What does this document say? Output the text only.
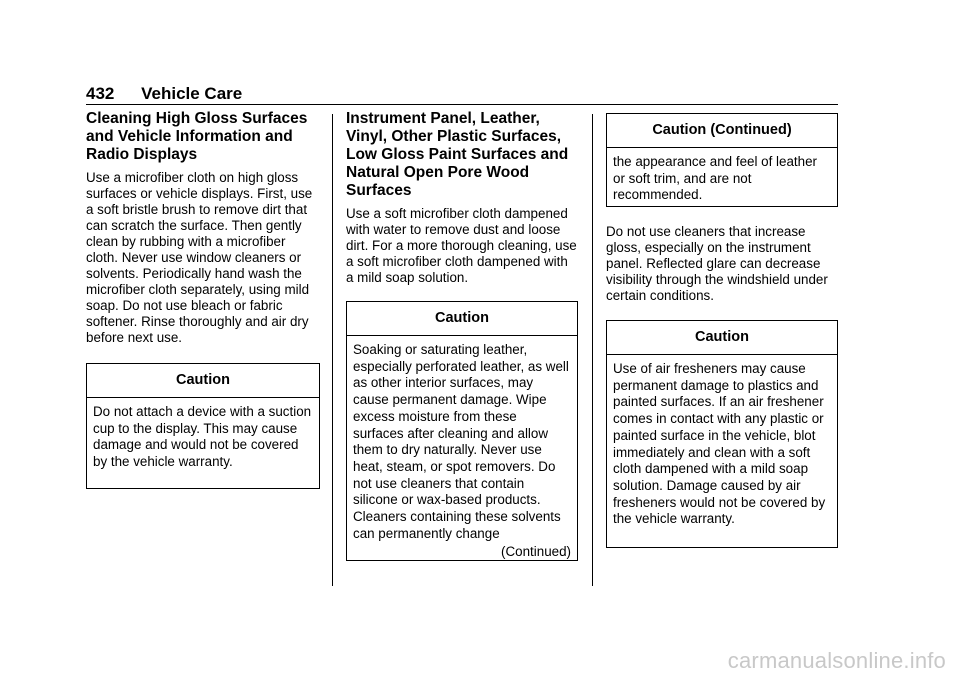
432 Vehicle Care
Cleaning High Gloss Surfaces and Vehicle Information and Radio Displays

Use a microfiber cloth on high gloss surfaces or vehicle displays. First, use a soft bristle brush to remove dirt that can scratch the surface. Then gently clean by rubbing with a microfiber cloth. Never use window cleaners or solvents. Periodically hand wash the microfiber cloth separately, using mild soap. Do not use bleach or fabric softener. Rinse thoroughly and air dry before next use.

Caution

Do not attach a device with a suction cup to the display. This may cause damage and would not be covered by the vehicle warranty.

Instrument Panel, Leather, Vinyl, Other Plastic Surfaces, Low Gloss Paint Surfaces and Natural Open Pore Wood Surfaces

Use a soft microfiber cloth dampened with water to remove dust and loose dirt. For a more thorough cleaning, use a soft microfiber cloth dampened with a mild soap solution.

Caution

Soaking or saturating leather, especially perforated leather, as well as other interior surfaces, may cause permanent damage. Wipe excess moisture from these surfaces after cleaning and allow them to dry naturally. Never use heat, steam, or spot removers. Do not use cleaners that contain silicone or wax-based products. Cleaners containing these solvents can permanently change

(Continued)
Caution (Continued)

the appearance and feel of leather or soft trim, and are not recommended.

Do not use cleaners that increase gloss, especially on the instrument panel. Reflected glare can decrease visibility through the windshield under certain conditions.

Caution

Use of air fresheners may cause permanent damage to plastics and painted surfaces. If an air freshener comes in contact with any plastic or painted surface in the vehicle, blot immediately and clean with a soft cloth dampened with a mild soap solution. Damage caused by air fresheners would not be covered by the vehicle warranty.

carmanualsonline.info
